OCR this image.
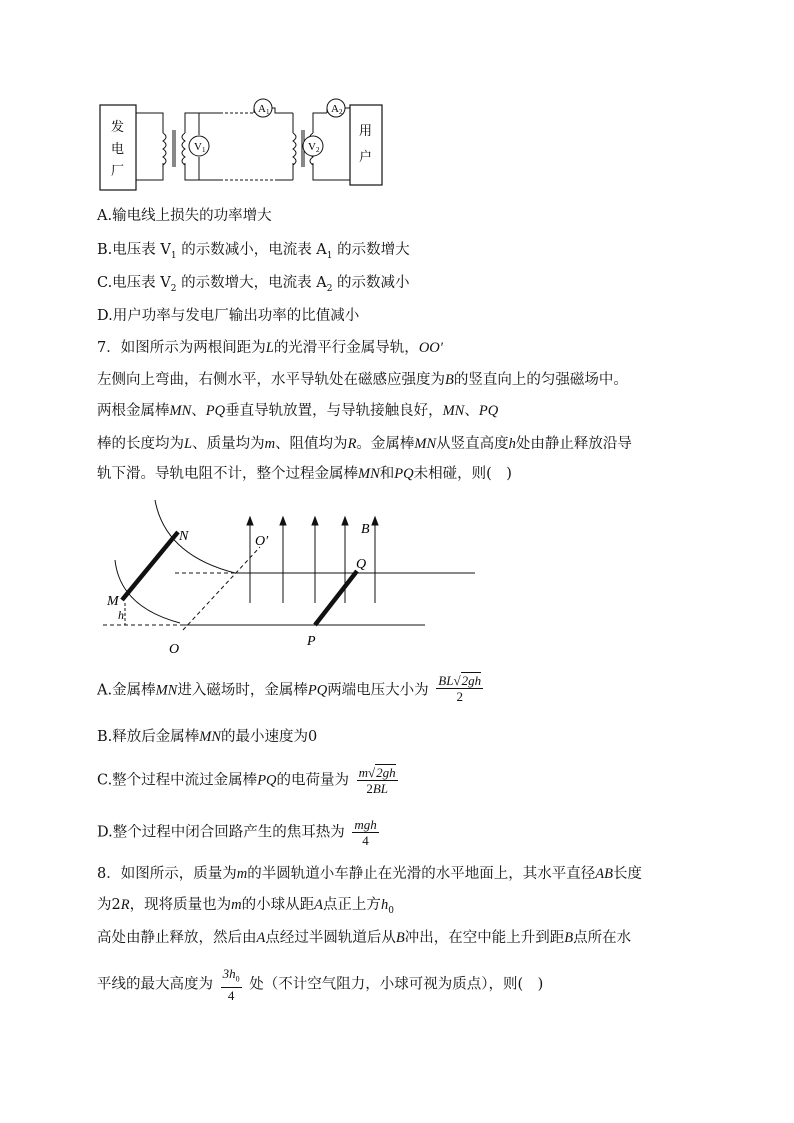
发
电
厂
V1
A1
V2
A2
用
户
A.输电线上损失的功率增大
B.电压表 $V_1$ 的示数减小，电流表 $A_1$ 的示数增大
C.电压表 $V_2$ 的示数增大，电流表 $A_2$ 的示数减小
D.用户功率与发电厂输出功率的比值减小
7．如图所示为两根间距为L的光滑平行金属导轨，OO′
左侧向上弯曲，右侧水平，水平导轨处在磁感应强度为B的竖直向上的匀强磁场中。
两根金属棒MN、PQ垂直导轨放置，与导轨接触良好，MN、PQ
棒的长度均为L、质量均为m、阻值均为R。金属棒MN从竖直高度h处由静止释放沿导
轨下滑。导轨电阻不计，整个过程金属棒MN和PQ未相碰，则(　)
N	O′
B
Q
M
h
O
P
A.金属棒MN进入磁场时，金属棒PQ两端电压大小为 $\frac{BL√2gh}{2}$
B.释放后金属棒MN的最小速度为0
C.整个过程中流过金属棒PQ的电荷量为 $\frac{m√2gh}{2BL}$
D.整个过程中闭合回路产生的焦耳热为 $\frac{\text{mgh}}{4}$
8．如图所示，质量为m的半圆轨道小车静止在光滑的水平地面上，其水平直径AB长度
为2R，现将质量也为m的小球从距A点正上方$h_0$
高处由静止释放，然后由A点经过半圆轨道后从B冲出，在空中能上升到距B点所在水
平线的最大高度为 $\frac{3h_0}{4}$ 处（不计空气阻力，小球可视为质点），则(　)
